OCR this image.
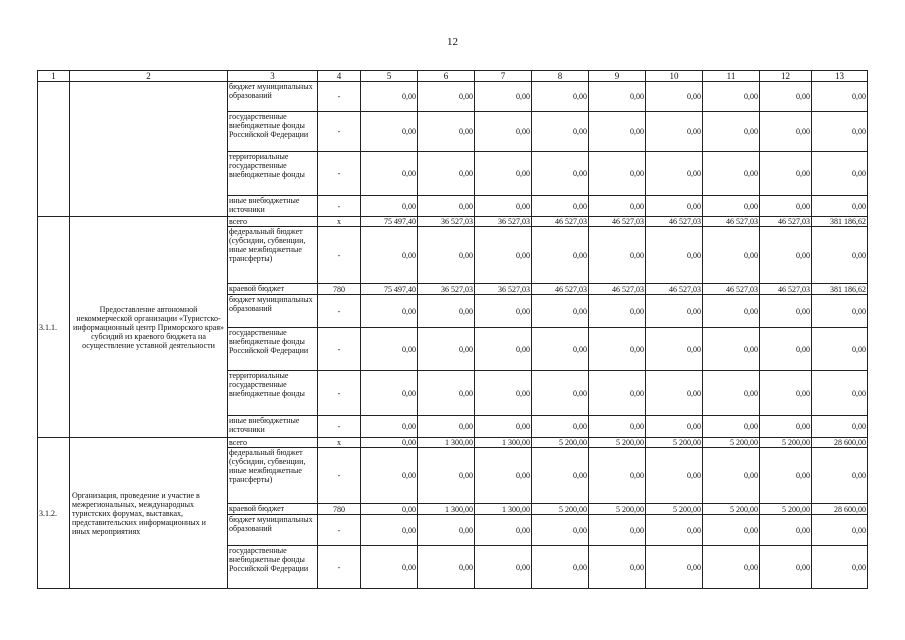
12
1	2	3	4	5	6	7	8	9	10	11	12	13
		бюджет муниципальных образований	-	0,00	0,00	0,00	0,00	0,00	0,00	0,00	0,00	0,00
		государственные внебюджетные фонды Российской Федерации	-	0,00	0,00	0,00	0,00	0,00	0,00	0,00	0,00	0,00
		территориальные государственные внебюджетные фонды	-	0,00	0,00	0,00	0,00	0,00	0,00	0,00	0,00	0,00
		иные внебюджетные источники	-	0,00	0,00	0,00	0,00	0,00	0,00	0,00	0,00	0,00
3.1.1.	Предоставление автономной некоммерческой организации «Туристско-информационный центр Приморского края» субсидий из краевого бюджета на осуществление уставной деятельности	всего	х	75 497,40	36 527,03	36 527,03	46 527,03	46 527,03	46 527,03	46 527,03	46 527,03	381 186,62
		федеральный бюджет (субсидии, субвенции, иные межбюджетные трансферты)	-	0,00	0,00	0,00	0,00	0,00	0,00	0,00	0,00	0,00
		краевой бюджет	780	75 497,40	36 527,03	36 527,03	46 527,03	46 527,03	46 527,03	46 527,03	46 527,03	381 186,62
		бюджет муниципальных образований	-	0,00	0,00	0,00	0,00	0,00	0,00	0,00	0,00	0,00
		государственные внебюджетные фонды Российской Федерации	-	0,00	0,00	0,00	0,00	0,00	0,00	0,00	0,00	0,00
		территориальные государственные внебюджетные фонды	-	0,00	0,00	0,00	0,00	0,00	0,00	0,00	0,00	0,00
		иные внебюджетные источники	-	0,00	0,00	0,00	0,00	0,00	0,00	0,00	0,00	0,00
3.1.2.	Организация, проведение и участие в межрегиональных, международных туристских форумах, выставках, представительских информационных и иных мероприятиях	всего	х	0,00	1 300,00	1 300,00	5 200,00	5 200,00	5 200,00	5 200,00	5 200,00	28 600,00
		федеральный бюджет (субсидии, субвенции, иные межбюджетные трансферты)	-	0,00	0,00	0,00	0,00	0,00	0,00	0,00	0,00	0,00
		краевой бюджет	780	0,00	1 300,00	1 300,00	5 200,00	5 200,00	5 200,00	5 200,00	5 200,00	28 600,00
		бюджет муниципальных образований	-	0,00	0,00	0,00	0,00	0,00	0,00	0,00	0,00	0,00
		государственные внебюджетные фонды Российской Федерации	-	0,00	0,00	0,00	0,00	0,00	0,00	0,00	0,00	0,00
